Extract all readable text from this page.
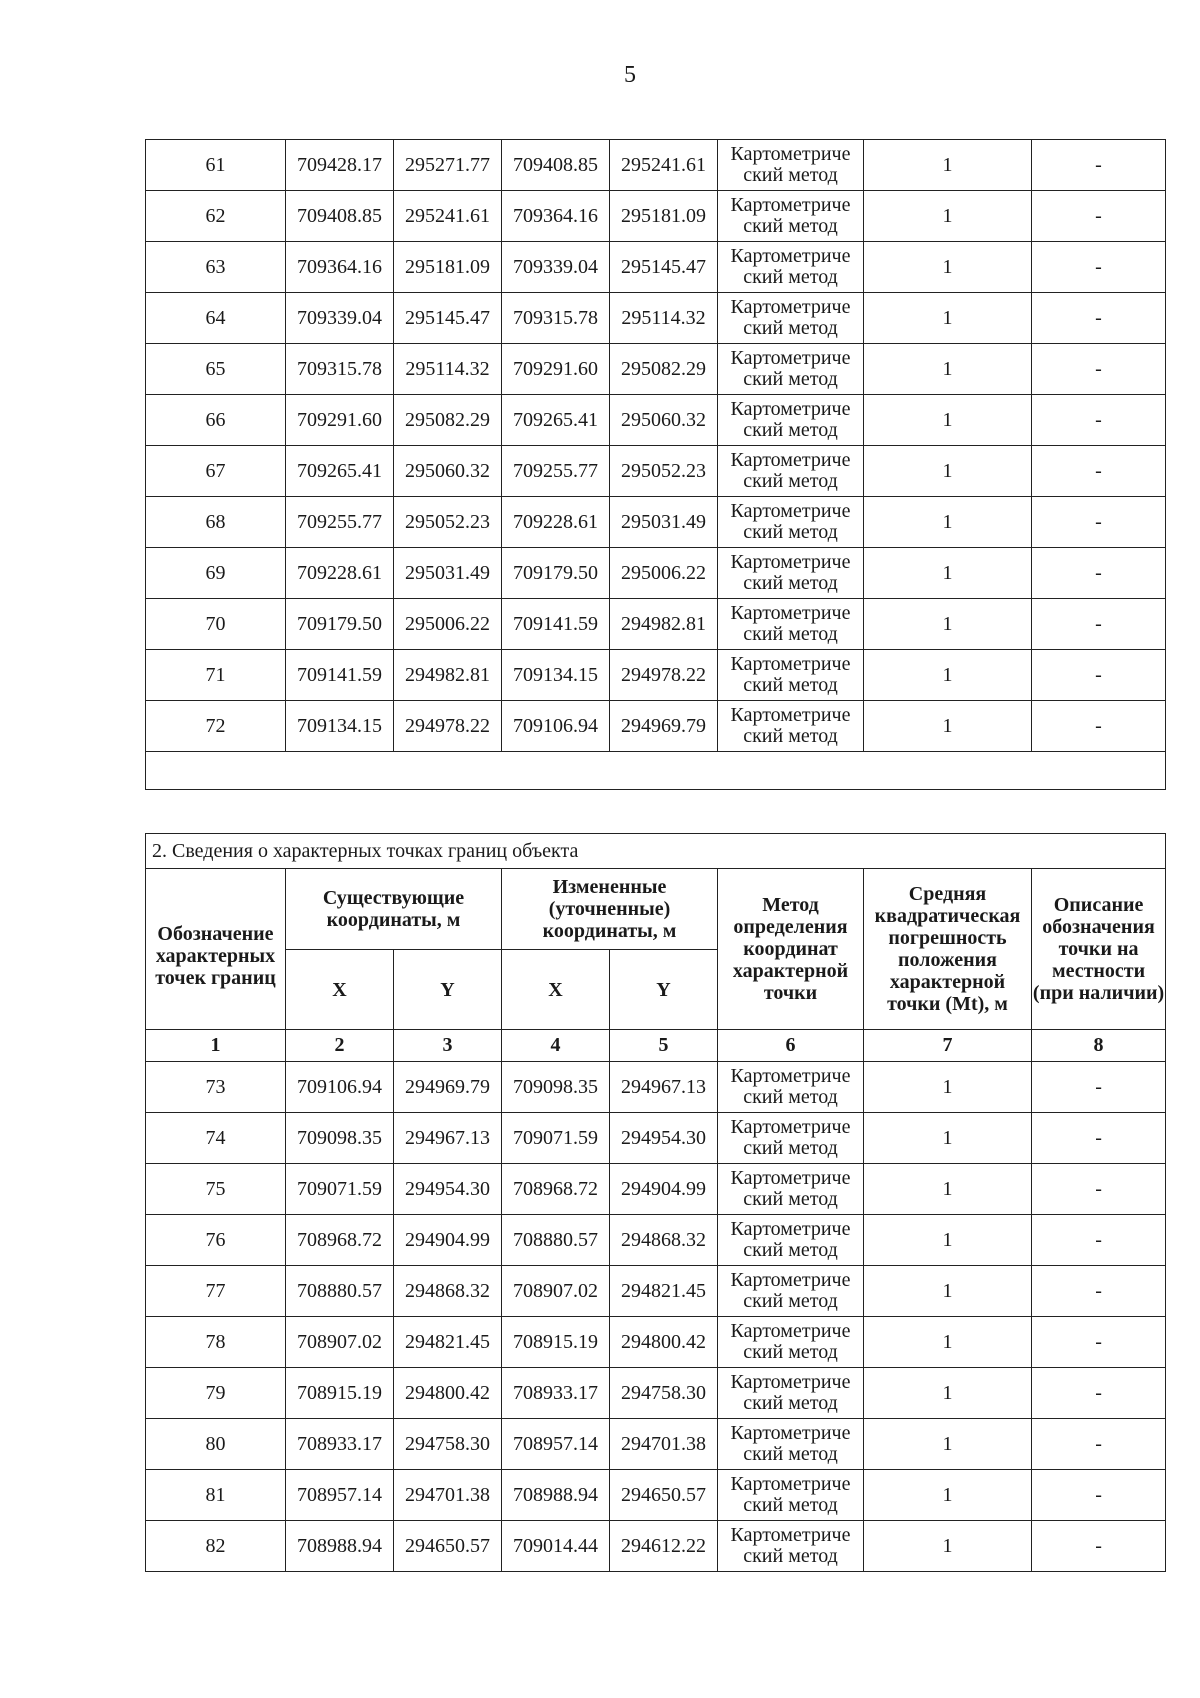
5
61	709428.17	295271.77	709408.85	295241.61	Картометриче ский метод	1	-
62	709408.85	295241.61	709364.16	295181.09	Картометриче ский метод	1	-
63	709364.16	295181.09	709339.04	295145.47	Картометриче ский метод	1	-
64	709339.04	295145.47	709315.78	295114.32	Картометриче ский метод	1	-
65	709315.78	295114.32	709291.60	295082.29	Картометриче ский метод	1	-
66	709291.60	295082.29	709265.41	295060.32	Картометриче ский метод	1	-
67	709265.41	295060.32	709255.77	295052.23	Картометриче ский метод	1	-
68	709255.77	295052.23	709228.61	295031.49	Картометриче ский метод	1	-
69	709228.61	295031.49	709179.50	295006.22	Картометриче ский метод	1	-
70	709179.50	295006.22	709141.59	294982.81	Картометриче ский метод	1	-
71	709141.59	294982.81	709134.15	294978.22	Картометриче ский метод	1	-
72	709134.15	294978.22	709106.94	294969.79	Картометриче ский метод	1	-

2. Сведения о характерных точках границ объекта							
Обозначение характерных точек границ	Существующие координаты, м		Измененные (уточненные) координаты, м		Метод определения координат характерной точки	Средняя квадратическая погрешность положения характерной точки (Mt), м	Описание обозначения точки на местности (при наличии)
	X	Y	X	Y			
1	2	3	4	5	6	7	8
73	709106.94	294969.79	709098.35	294967.13	Картометриче ский метод	1	-
74	709098.35	294967.13	709071.59	294954.30	Картометриче ский метод	1	-
75	709071.59	294954.30	708968.72	294904.99	Картометриче ский метод	1	-
76	708968.72	294904.99	708880.57	294868.32	Картометриче ский метод	1	-
77	708880.57	294868.32	708907.02	294821.45	Картометриче ский метод	1	-
78	708907.02	294821.45	708915.19	294800.42	Картометриче ский метод	1	-
79	708915.19	294800.42	708933.17	294758.30	Картометриче ский метод	1	-
80	708933.17	294758.30	708957.14	294701.38	Картометриче ский метод	1	-
81	708957.14	294701.38	708988.94	294650.57	Картометриче ский метод	1	-
82	708988.94	294650.57	709014.44	294612.22	Картометриче ский метод	1	-
